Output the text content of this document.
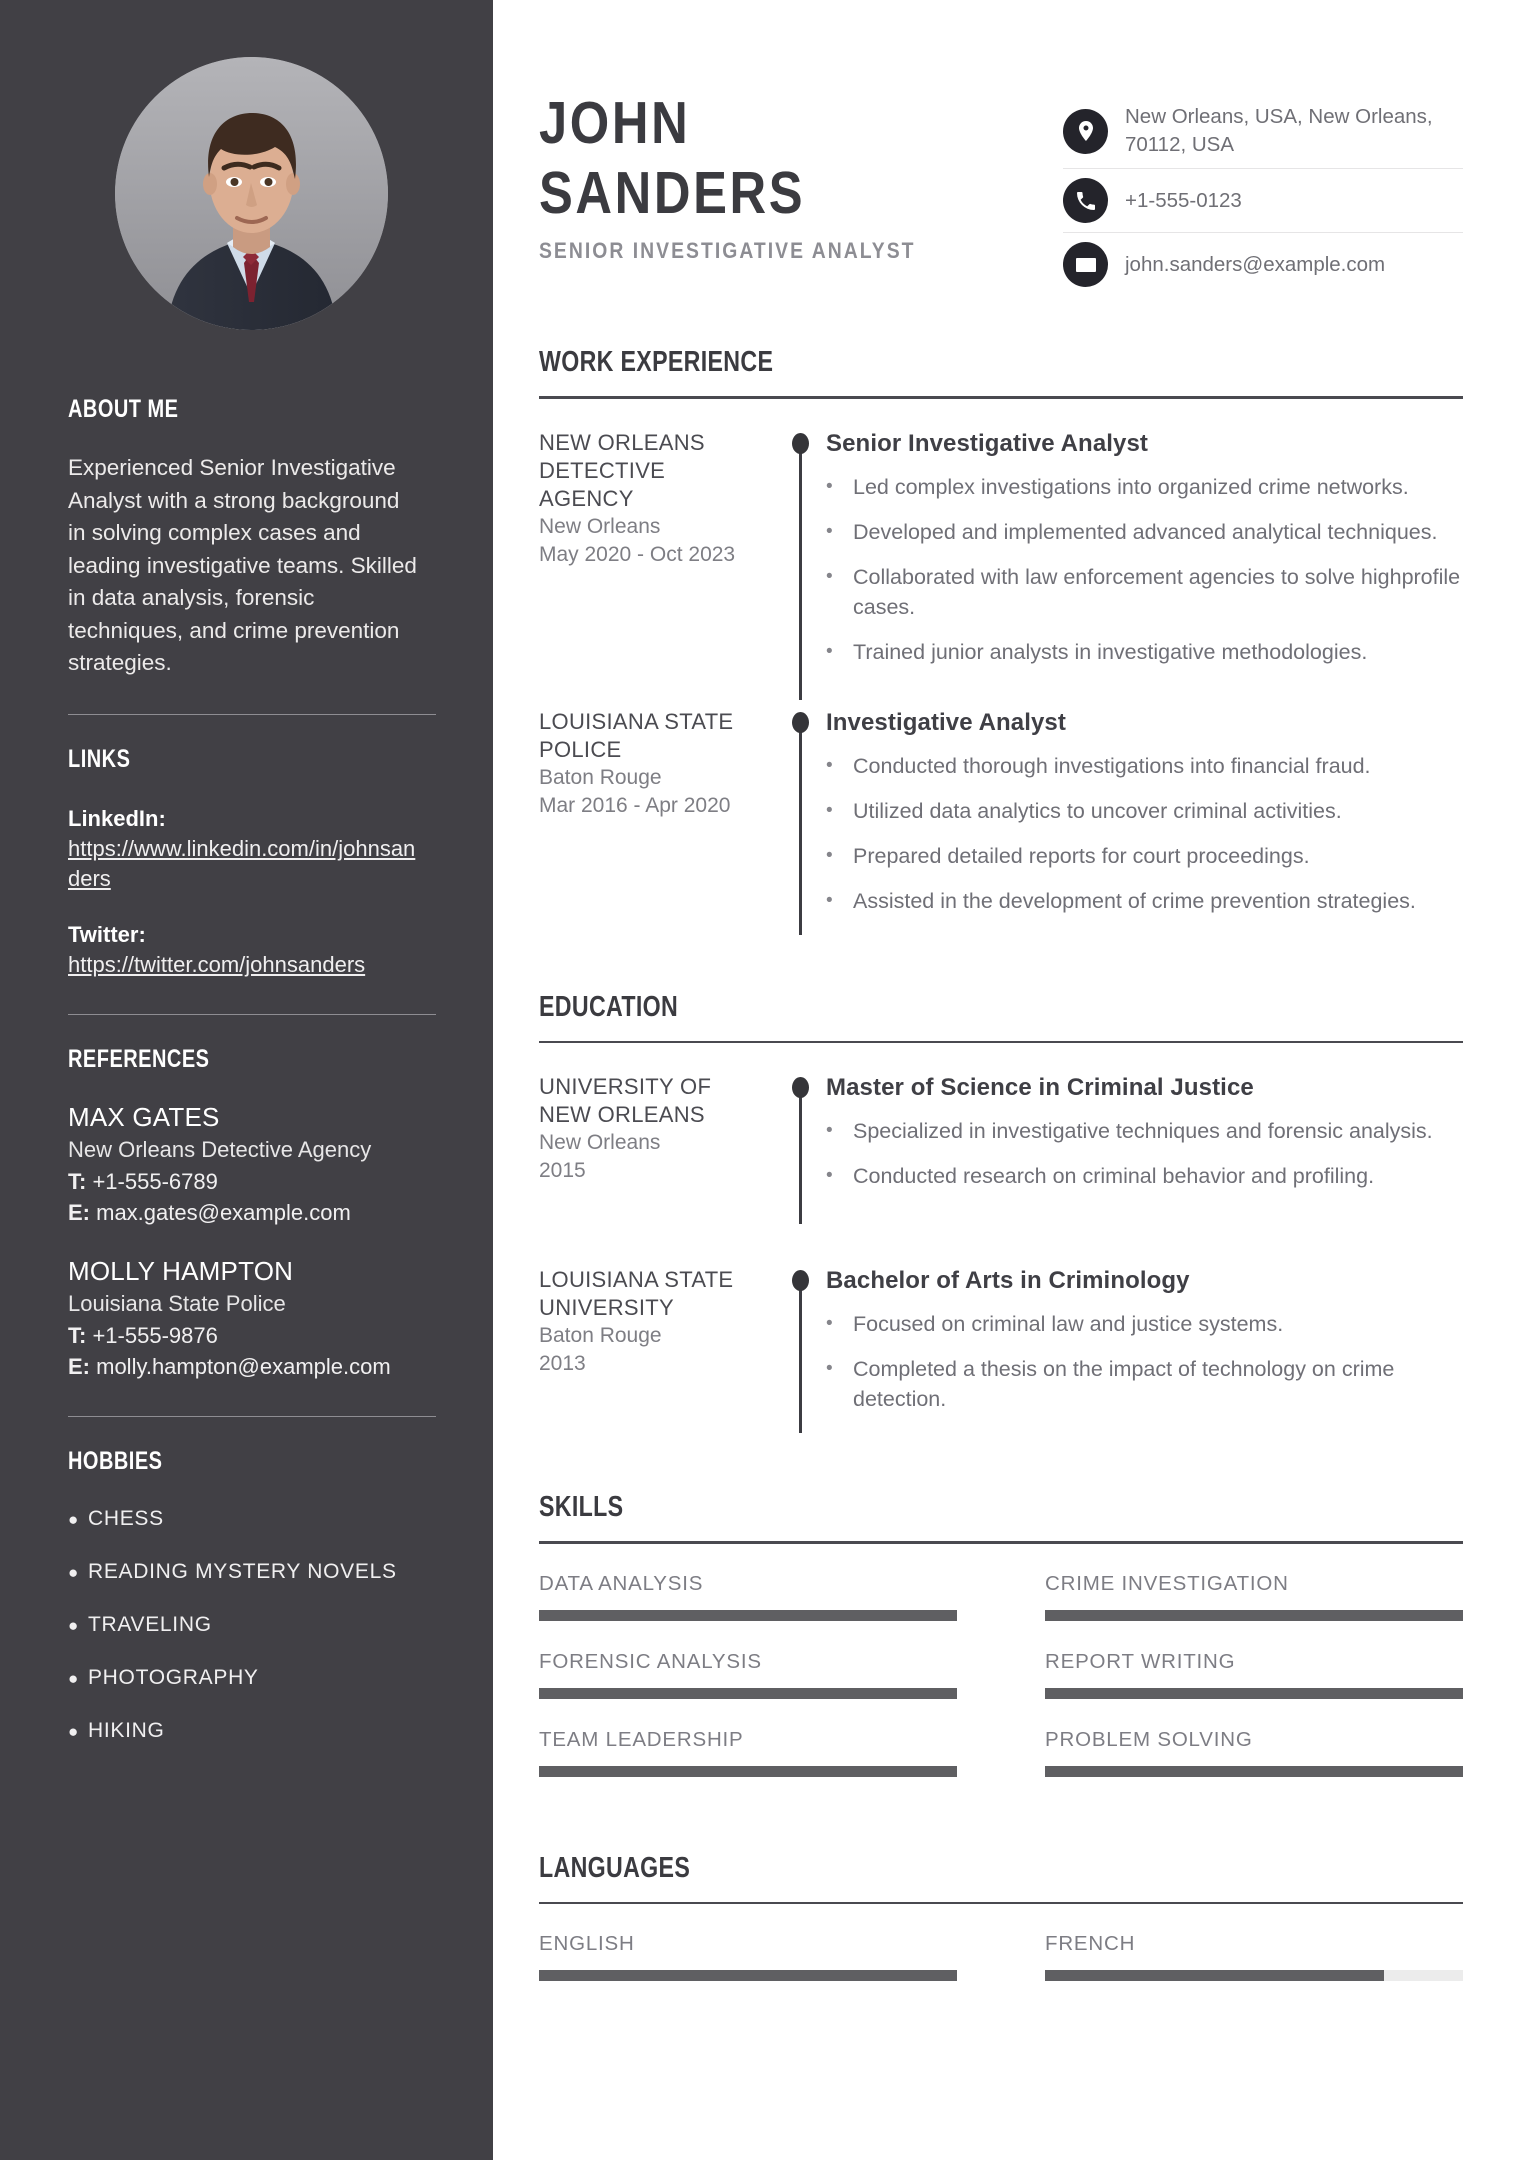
ABOUT ME

Experienced Senior Investigative Analyst with a strong background in solving complex cases and leading investigative teams. Skilled in data analysis, forensic techniques, and crime prevention strategies.

LINKS
LinkedIn:
https://www.linkedin.com/in/johnsanders
Twitter:
https://twitter.com/johnsanders
REFERENCES
MAX GATES
New Orleans Detective Agency
T: +1-555-6789
E: max.gates@example.com
MOLLY HAMPTON
Louisiana State Police
T: +1-555-9876
E: molly.hampton@example.com
HOBBIES
● CHESS
● READING MYSTERY NOVELS
● TRAVELING
● PHOTOGRAPHY
● HIKING
JOHN
SANDERS
SENIOR INVESTIGATIVE ANALYST
New Orleans, USA, New Orleans, 70112, USA
+1-555-0123
john.sanders@example.com
WORK EXPERIENCE
NEW ORLEANS DETECTIVE AGENCY
New Orleans
May 2020 - Oct 2023
Senior Investigative Analyst
• Led complex investigations into organized crime networks.
• Developed and implemented advanced analytical techniques.
• Collaborated with law enforcement agencies to solve highprofile cases.
• Trained junior analysts in investigative methodologies.
LOUISIANA STATE POLICE
Baton Rouge
Mar 2016 - Apr 2020
Investigative Analyst
• Conducted thorough investigations into financial fraud.
• Utilized data analytics to uncover criminal activities.
• Prepared detailed reports for court proceedings.
• Assisted in the development of crime prevention strategies.
EDUCATION
UNIVERSITY OF NEW ORLEANS
New Orleans
2015
Master of Science in Criminal Justice
• Specialized in investigative techniques and forensic analysis.
• Conducted research on criminal behavior and profiling.
LOUISIANA STATE UNIVERSITY
Baton Rouge
2013
Bachelor of Arts in Criminology
• Focused on criminal law and justice systems.
• Completed a thesis on the impact of technology on crime detection.
SKILLS
DATA ANALYSIS	CRIME INVESTIGATION
FORENSIC ANALYSIS	REPORT WRITING
TEAM LEADERSHIP	PROBLEM SOLVING
LANGUAGES
ENGLISH	FRENCH
